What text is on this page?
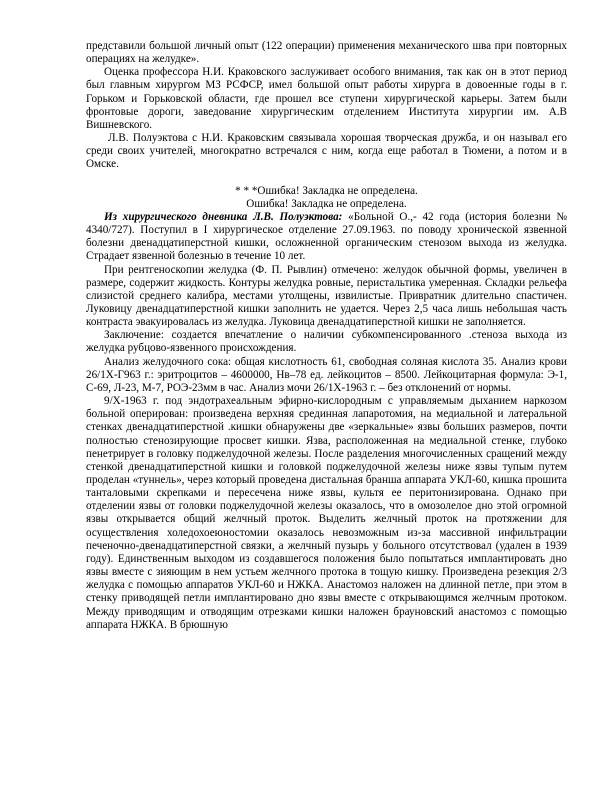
представили большой личный опыт (122 операции) применения механического шва при повторных операциях на желудке».

Оценка профессора Н.И. Краковского заслуживает особого внимания, так как он в этот период был главным хирургом МЗ РСФСР, имел большой опыт работы хирурга в довоенные годы в г. Горьком и Горьковской области, где прошел все ступени хирургической карьеры. Затем были фронтовые дороги, заведование хирургическим отделением Института хирургии им. А.В Вишневского.

Л.В. Полуэктова с Н.И. Краковским связывала хорошая творческая дружба, и он называл его среди своих учителей, многократно встречался с ним, когда еще работал в Тюмени, а потом и в Омске.

* * *Ошибка! Закладка не определена.

Ошибка! Закладка не определена.

Из хирургического дневника Л.В. Полуэктова: «Больной О.,- 42 года (история болезни № 4340/727). Поступил в I хирургическое отделение 27.09.1963. по поводу хронической язвенной болезни двенадцатиперстной кишки, осложненной органическим стенозом выхода из желудка. Страдает язвенной болезнью в течение 10 лет.

При рентгеноскопии желудка (Ф. П. Рывлин) отмечено: желудок обычной формы, увеличен в размере, содержит жидкость. Контуры желудка ровные, перистальтика умеренная. Складки рельефа слизистой среднего калибра, местами утолщены, извилистые. Привратник длительно спастичен. Луковицу двенадцатиперстной кишки заполнить не удается. Через 2,5 часа лишь небольшая часть контраста эвакуировалась из желудка. Луковица двенадцатиперстной кишки не заполняется.

Заключение: создается впечатление о наличии субкомпенсированного .стеноза выхода из желудка рубцово-язвенного происхождения.

Анализ желудочного сока: общая кислотность 61, свободная соляная кислота 35. Анализ крови 26/1Х-Г963 г.: эритроцитов – 4600000, Нв–78 ед. лейкоцитов – 8500. Лейкоцитарная формула: Э-1, С-69, Л-23, М-7, РОЭ-23мм в час. Анализ мочи 26/1Х-1963 г. – без отклонений от нормы.

9/Х-1963 г. под эндотрахеальным эфирно-кислородным с управляемым дыханием наркозом больной оперирован: произведена верхняя срединная лапаротомия, на медиальной и латеральной стенках двенадцатиперстной .кишки обнаружены две «зеркальные» язвы больших размеров, почти полностью стенозирующие просвет кишки. Язва, расположенная на медиальной стенке, глубоко пенетрирует в головку поджелудочной железы. После разделения многочисленных сращений между стенкой двенадцатиперстной кишки и головкой поджелудочной железы ниже язвы тупым путем проделан «туннель», через который проведена дистальная бранша аппарата УКЛ-60, кишка прошита танталовыми скрепками и пересечена ниже язвы, культя ее перитонизирована. Однако при отделении язвы от головки поджелудочной железы оказалось, что в омозолелое дно этой огромной язвы открывается общий желчный проток. Выделить желчный проток на протяжении для осуществления холедохоеюностомии оказалось невозможным из-за массивной инфильтрации печеночно-двенадцатиперстной связки, а желчный пузырь у больного отсутствовал (удален в 1939 году). Единственным выходом из создавшегося положения было попытаться имплантировать дно язвы вместе с зияющим в нем устьем желчного протока в тощую кишку. Произведена резекция 2/3 желудка с помощью аппаратов УКЛ-60 и НЖКА. Анастомоз наложен на длинной петле, при этом в стенку приводящей петли имплантировано дно язвы вместе с открывающимся желчным протоком. Между приводящим и отводящим отрезками кишки наложен брауновский анастомоз с помощью аппарата НЖКА. В брюшную
